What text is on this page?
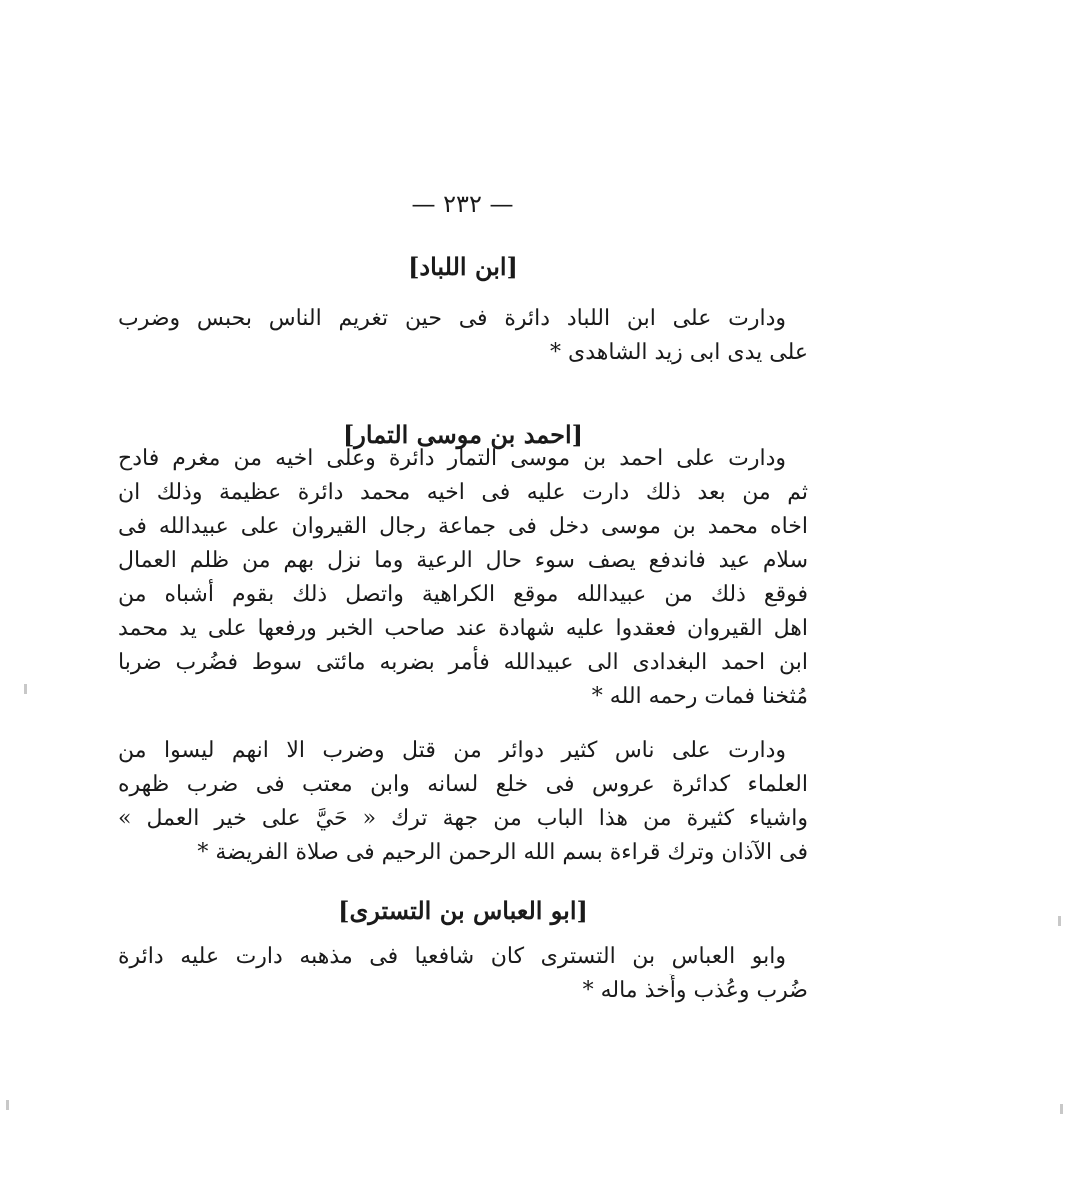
— ٢٣٢ —
[ابن اللباد]

ودارت على ابن اللباد دائرة فى حين تغريم الناس بحبس وضرب

على يدى ابى زيد الشاهدى *

[احمد بن موسى التمار]

ودارت على احمد بن موسى التمار دائرة وعلى اخيه من مغرم فادح

ثم من بعد ذلك دارت عليه فى اخيه محمد دائرة عظيمة وذلك ان

اخاه محمد بن موسى دخل فى جماعة رجال القيروان على عبيدالله فى

سلام عيد فاندفع يصف سوء حال الرعية وما نزل بهم من ظلم العمال

فوقع ذلك من عبيدالله موقع الكراهية واتصل ذلك بقوم أشباه من

اهل القيروان فعقدوا عليه شهادة عند صاحب الخبر ورفعها على يد محمد

ابن احمد البغدادى الى عبيدالله فأمر بضربه مائتى سوط فضُرب ضربا

مُثخنا فمات رحمه الله *

ودارت على ناس كثير دوائر من قتل وضرب الا انهم ليسوا من

العلماء كدائرة عروس فى خلع لسانه وابن معتب فى ضرب ظهره

واشياء كثيرة من هذا الباب من جهة ترك « حَيَّ على خير العمل »

فى الآذان وترك قراءة بسم الله الرحمن الرحيم فى صلاة الفريضة *

[ابو العباس بن التسترى]

وابو العباس بن التسترى كان شافعيا فى مذهبه دارت عليه دائرة

ضُرب وعُذب وأُخذ ماله *
